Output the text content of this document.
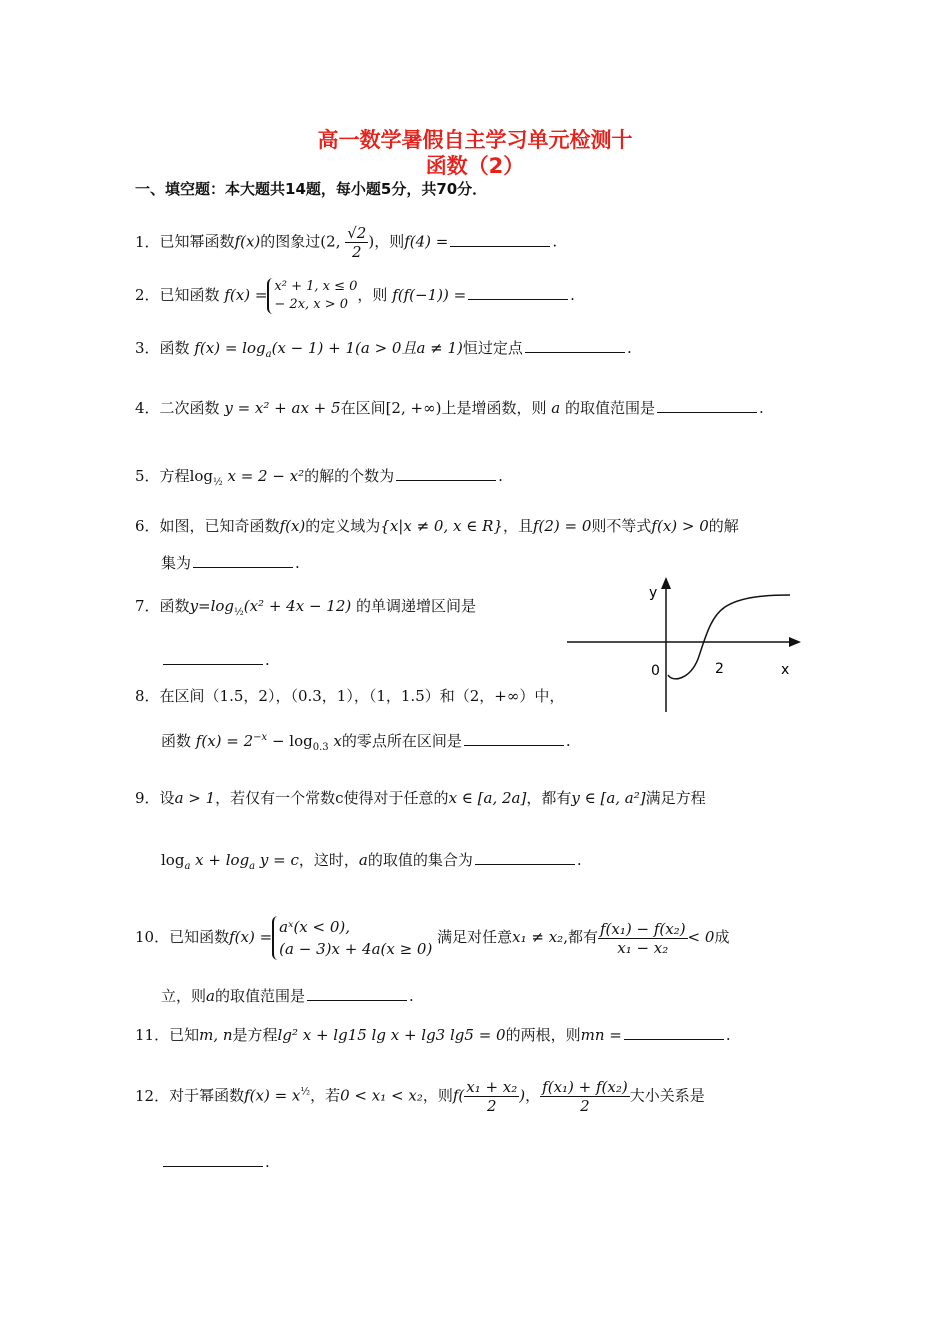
高一数学暑假自主学习单元检测十
函数（2）
一、填空题：本大题共14题，每小题5分，共70分．
1．已知幂函数f(x)的图象过(2, $\frac{√2}{2}$ )，则f(4) =	.
2．已知函数 f(x) = x² + 1, x ≤ 0
− 2x, x > 0
，则 f(f(−1)) =	.
3．函数 $f(x) = \log_a(x - 1) + 1(a > 0$且a ≠ 1)恒过定点	.
4．二次函数 y = x² + ax + 5在区间[2, +∞)上是增函数，则 a 的取值范围是	.
5．方程$\log_{\frac{1}{2}} x = 2 - x^2$的解的个数为	.
6．如图，已知奇函数f(x)的定义域为{x|x ≠ 0, x ∈ R}，且f(2) = 0则不等式f(x) > 0的解
集为	.
7．函数$y=\log_{\frac{1}{2}}(x^2 + 4x - 12)$ 的单调递增区间是
.
y
x
0	2
8．在区间（1.5，2），（0.3，1），（1，1.5）和（2，+∞）中，
函数 $f(x) = 2^{-x} - \log_{0.3} x$的零点所在区间是	.
9．设a > 1，若仅有一个常数c使得对于任意的x ∈ [a, 2a]，都有y ∈ [a, a²]满足方程
$\log_a x + \log_a y = c$，这时，a的取值的集合为	.
10．已知函数f(x) =
aˣ(x < 0),
(a − 3)x + 4a(x ≥ 0)
满足对任意x₁ ≠ x₂,都有 $\frac{\text{f(x₁) − f(x₂)}}{\text{x₁ − x₂}} < 0$成
立，则a的取值范围是	.
11．已知m, n是方程lg² x + lg15 lg x + lg3 lg5 = 0的两根，则mn =	.
12．对于幂函数$f(x) = x^{\frac{1}{2}}$，若0 < x₁ < x₂，则$f( \frac{\text{x₁ + x₂}}{2}$ )， $\frac{\text{f(x₁) + f(x₂)}}{2}$ 大小关系是
.
